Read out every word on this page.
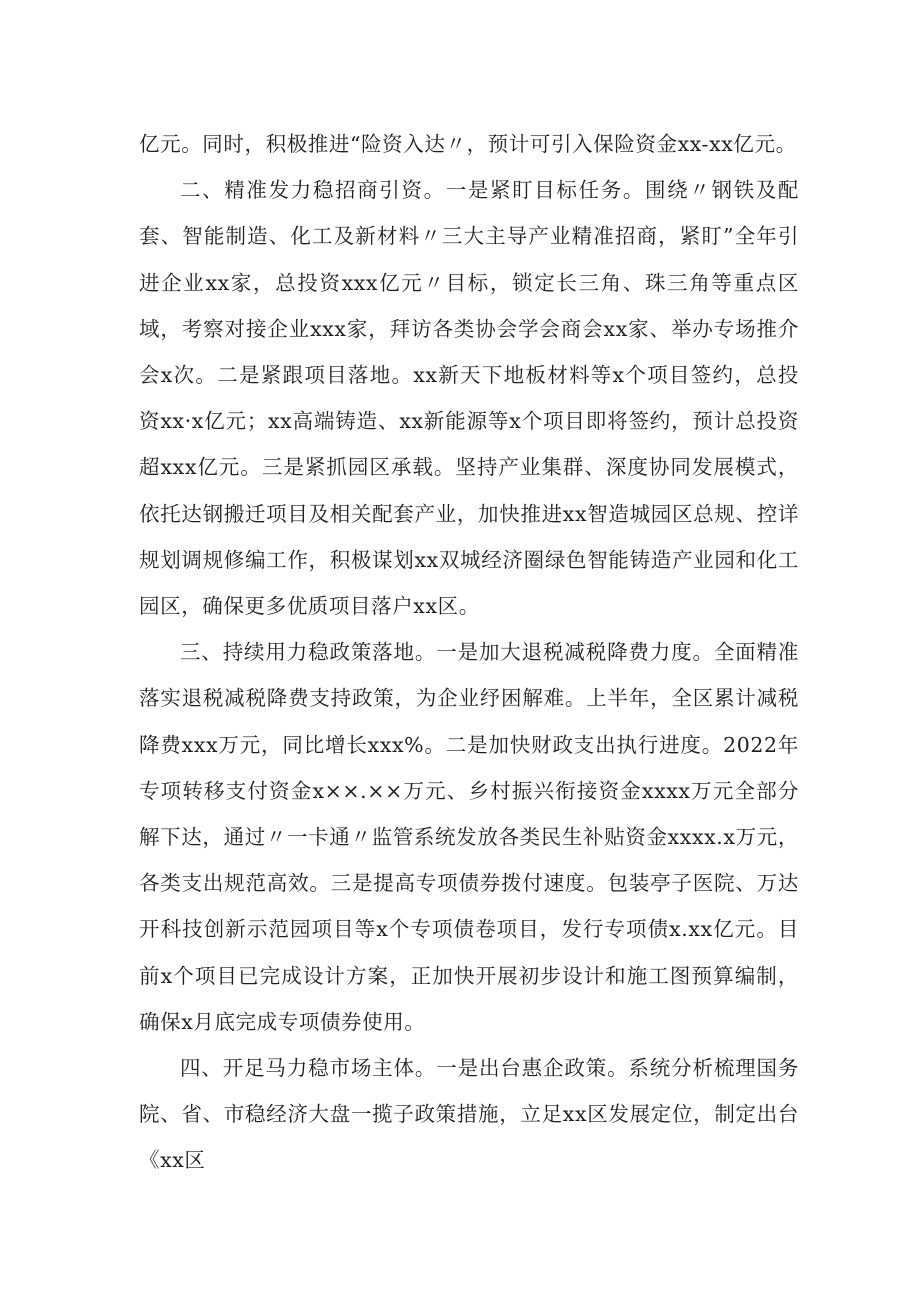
亿元。同时，积极推进“险资入达〃，预计可引入保险资金xx-xx亿元。

二、精准发力稳招商引资。一是紧盯目标任务。围绕〃钢铁及配套、智能制造、化工及新材料〃三大主导产业精准招商，紧盯”全年引进企业xx家，总投资xxx亿元〃目标，锁定长三角、珠三角等重点区域，考察对接企业xxx家，拜访各类协会学会商会xx家、举办专场推介会x次。二是紧跟项目落地。xx新天下地板材料等x个项目签约，总投资xx·x亿元；xx高端铸造、xx新能源等x个项目即将签约，预计总投资超xxx亿元。三是紧抓园区承载。坚持产业集群、深度协同发展模式，依托达钢搬迁项目及相关配套产业，加快推进xx智造城园区总规、控详规划调规修编工作，积极谋划xx双城经济圈绿色智能铸造产业园和化工园区，确保更多优质项目落户xx区。

三、持续用力稳政策落地。一是加大退税减税降费力度。全面精准落实退税减税降费支持政策，为企业纾困解难。上半年，全区累计减税降费xxx万元，同比增长xxx%。二是加快财政支出执行进度。2022年专项转移支付资金x××.××万元、乡村振兴衔接资金xxxx万元全部分解下达，通过〃一卡通〃监管系统发放各类民生补贴资金xxxx.x万元，各类支出规范高效。三是提高专项债券拨付速度。包装亭子医院、万达开科技创新示范园项目等x个专项债卷项目，发行专项债x.xx亿元。目前x个项目已完成设计方案，正加快开展初步设计和施工图预算编制，确保x月底完成专项债券使用。

四、开足马力稳市场主体。一是出台惠企政策。系统分析梳理国务院、省、市稳经济大盘一揽子政策措施，立足xx区发展定位，制定出台《xx区
